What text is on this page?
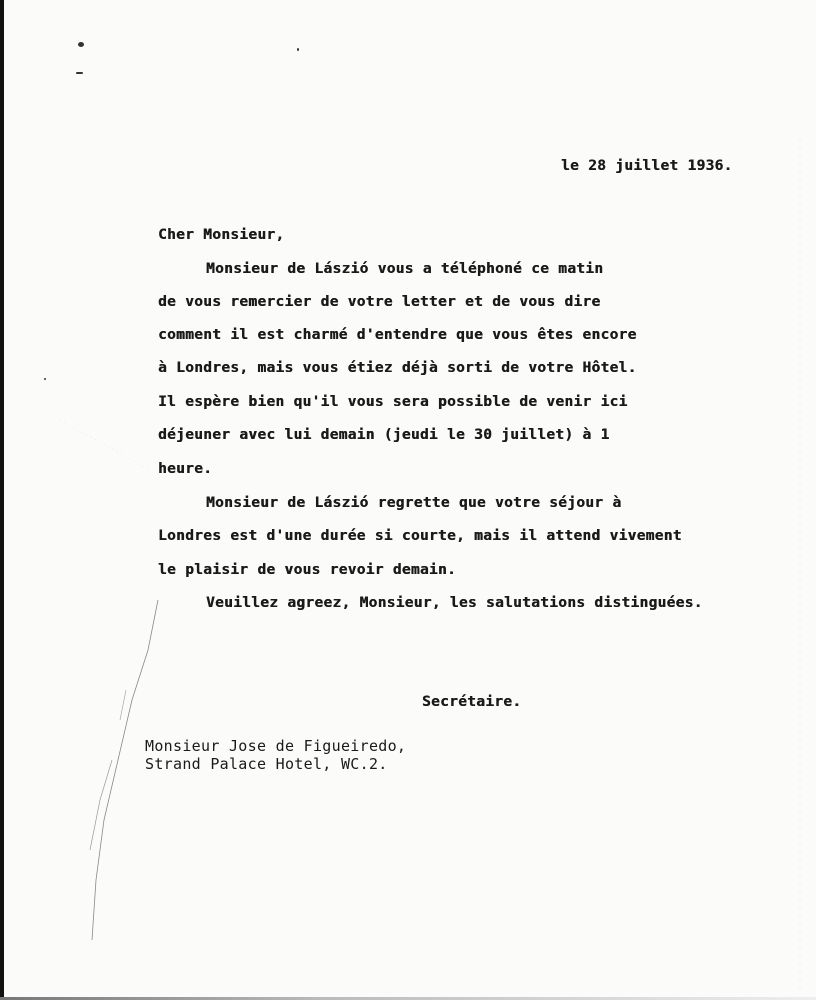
le 28 juillet 1936.
Cher Monsieur,
Monsieur de Lászió vous a téléphoné ce matin
de vous remercier de votre letter et de vous dire
comment il est charmé d'entendre que vous êtes encore
à Londres, mais vous étiez déjà sorti de votre Hôtel.
Il espère bien qu'il vous sera possible de venir ici
déjeuner avec lui demain (jeudi le 30 juillet) à 1
heure.
Monsieur de Lászió regrette que votre séjour à
Londres est d'une durée si courte, mais il attend vivement
le plaisir de vous revoir demain.
Veuillez agreez, Monsieur, les salutations distinguées.
Secrétaire.
Monsieur Jose de Figueiredo,
Strand Palace Hotel, WC.2.
